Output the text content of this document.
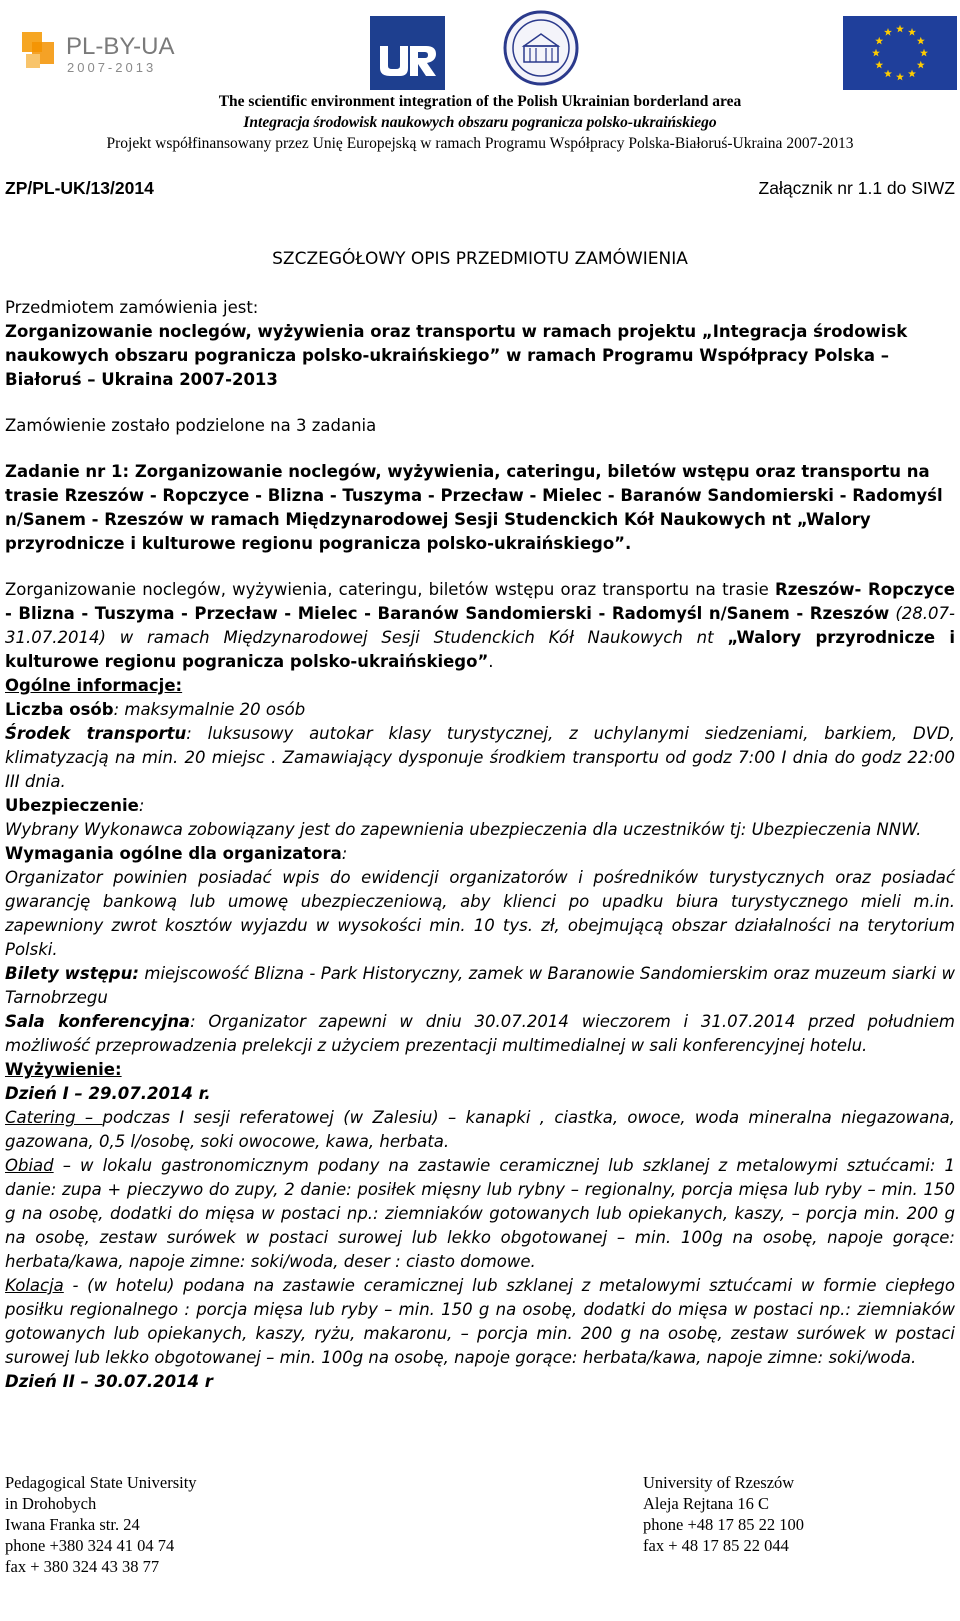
PL-BY-UA
2007-2013
The scientific environment integration of the Polish Ukrainian borderland area
Integracja środowisk naukowych obszaru pogranicza polsko-ukraińskiego
Projekt współfinansowany przez Unię Europejską w ramach Programu Współpracy Polska-Białoruś-Ukraina 2007-2013
ZP/PL-UK/13/2014	Załącznik nr 1.1 do SIWZ
SZCZEGÓŁOWY OPIS PRZEDMIOTU ZAMÓWIENIA

Przedmiotem zamówienia jest:

Zorganizowanie noclegów, wyżywienia oraz transportu w ramach projektu „Integracja środowisk naukowych obszaru pogranicza polsko-ukraińskiego” w ramach Programu Współpracy Polska – Białoruś – Ukraina 2007-2013

Zamówienie zostało podzielone na 3 zadania

Zadanie nr 1: Zorganizowanie noclegów, wyżywienia, cateringu, biletów wstępu oraz transportu na trasie Rzeszów - Ropczyce - Blizna - Tuszyma - Przecław - Mielec - Baranów Sandomierski - Radomyśl n/Sanem - Rzeszów w ramach Międzynarodowej Sesji Studenckich Kół Naukowych nt „Walory przyrodnicze i kulturowe regionu pogranicza polsko-ukraińskiego”.

Zorganizowanie noclegów, wyżywienia, cateringu, biletów wstępu oraz transportu na trasie Rzeszów- Ropczyce - Blizna - Tuszyma - Przecław - Mielec - Baranów Sandomierski - Radomyśl n/Sanem - Rzeszów (28.07-31.07.2014) w ramach Międzynarodowej Sesji Studenckich Kół Naukowych nt „Walory przyrodnicze i kulturowe regionu pogranicza polsko-ukraińskiego”.

Ogólne informacje:

Liczba osób: maksymalnie 20 osób

Środek transportu: luksusowy autokar klasy turystycznej, z uchylanymi siedzeniami, barkiem, DVD, klimatyzacją na min. 20 miejsc . Zamawiający dysponuje środkiem transportu od godz 7:00 I dnia do godz 22:00 III dnia.

Ubezpieczenie:

Wybrany Wykonawca zobowiązany jest do zapewnienia ubezpieczenia dla uczestników tj: Ubezpieczenia NNW.

Wymagania ogólne dla organizatora:

Organizator powinien posiadać wpis do ewidencji organizatorów i pośredników turystycznych oraz posiadać gwarancję bankową lub umowę ubezpieczeniową, aby klienci po upadku biura turystycznego mieli m.in. zapewniony zwrot kosztów wyjazdu w wysokości min. 10 tys. zł, obejmującą obszar działalności na terytorium Polski.

Bilety wstępu: miejscowość Blizna - Park Historyczny, zamek w Baranowie Sandomierskim oraz muzeum siarki w Tarnobrzegu

Sala konferencyjna: Organizator zapewni w dniu 30.07.2014 wieczorem i 31.07.2014 przed południem możliwość przeprowadzenia prelekcji z użyciem prezentacji multimedialnej w sali konferencyjnej hotelu.

Wyżywienie:

Dzień I – 29.07.2014 r.

Catering – podczas I sesji referatowej (w Zalesiu) – kanapki , ciastka, owoce, woda mineralna niegazowana, gazowana, 0,5 l/osobę, soki owocowe, kawa, herbata.

Obiad – w lokalu gastronomicznym podany na zastawie ceramicznej lub szklanej z metalowymi sztućcami: 1 danie: zupa + pieczywo do zupy, 2 danie: posiłek mięsny lub rybny – regionalny, porcja mięsa lub ryby – min. 150 g na osobę, dodatki do mięsa w postaci np.: ziemniaków gotowanych lub opiekanych, kaszy, – porcja min. 200 g na osobę, zestaw surówek w postaci surowej lub lekko obgotowanej – min. 100g na osobę, napoje gorące: herbata/kawa, napoje zimne: soki/woda, deser : ciasto domowe.

Kolacja - (w hotelu) podana na zastawie ceramicznej lub szklanej z metalowymi sztućcami w formie ciepłego posiłku regionalnego : porcja mięsa lub ryby – min. 150 g na osobę, dodatki do mięsa w postaci np.: ziemniaków gotowanych lub opiekanych, kaszy, ryżu, makaronu, – porcja min. 200 g na osobę, zestaw surówek w postaci surowej lub lekko obgotowanej – min. 100g na osobę, napoje gorące: herbata/kawa, napoje zimne: soki/woda.

Dzień II – 30.07.2014 r

Pedagogical State University
in Drohobych
Iwana Franka str. 24
phone +380 324 41 04 74
fax + 380 324 43 38 77
University of Rzeszów
Aleja Rejtana 16 C
phone +48 17 85 22 100
fax + 48 17 85 22 044
